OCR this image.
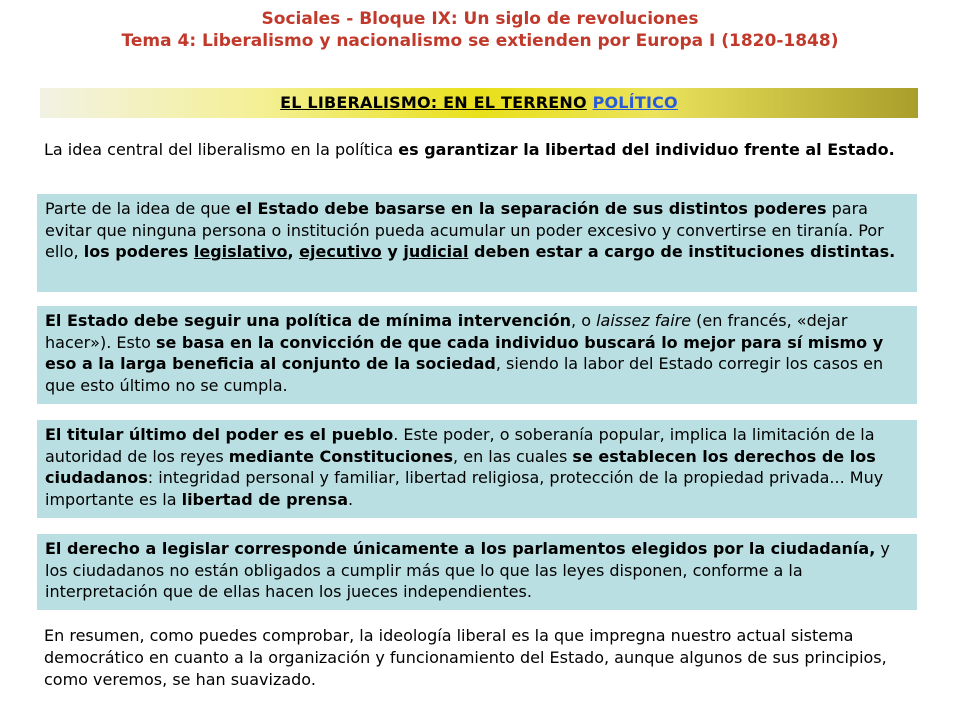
Sociales - Bloque IX: Un siglo de revoluciones
Tema 4: Liberalismo y nacionalismo se extienden por Europa I (1820-1848)
EL LIBERALISMO: EN EL TERRENO POLÍTICO
La idea central del liberalismo en la política es garantizar la libertad del individuo frente al Estado.
Parte de la idea de que el Estado debe basarse en la separación de sus distintos poderes para evitar que ninguna persona o institución pueda acumular un poder excesivo y convertirse en tiranía. Por ello, los poderes legislativo, ejecutivo y judicial deben estar a cargo de instituciones distintas.
El Estado debe seguir una política de mínima intervención, o laissez faire (en francés, «dejar hacer»). Esto se basa en la convicción de que cada individuo buscará lo mejor para sí mismo y eso a la larga beneficia al conjunto de la sociedad, siendo la labor del Estado corregir los casos en que esto último no se cumpla.
El titular último del poder es el pueblo. Este poder, o soberanía popular, implica la limitación de la autoridad de los reyes mediante Constituciones, en las cuales se establecen los derechos de los ciudadanos: integridad personal y familiar, libertad religiosa, protección de la propiedad privada... Muy importante es la libertad de prensa.
El derecho a legislar corresponde únicamente a los parlamentos elegidos por la ciudadanía, y los ciudadanos no están obligados a cumplir más que lo que las leyes disponen, conforme a la interpretación que de ellas hacen los jueces independientes.
En resumen, como puedes comprobar, la ideología liberal es la que impregna nuestro actual sistema democrático en cuanto a la organización y funcionamiento del Estado, aunque algunos de sus principios, como veremos, se han suavizado.
